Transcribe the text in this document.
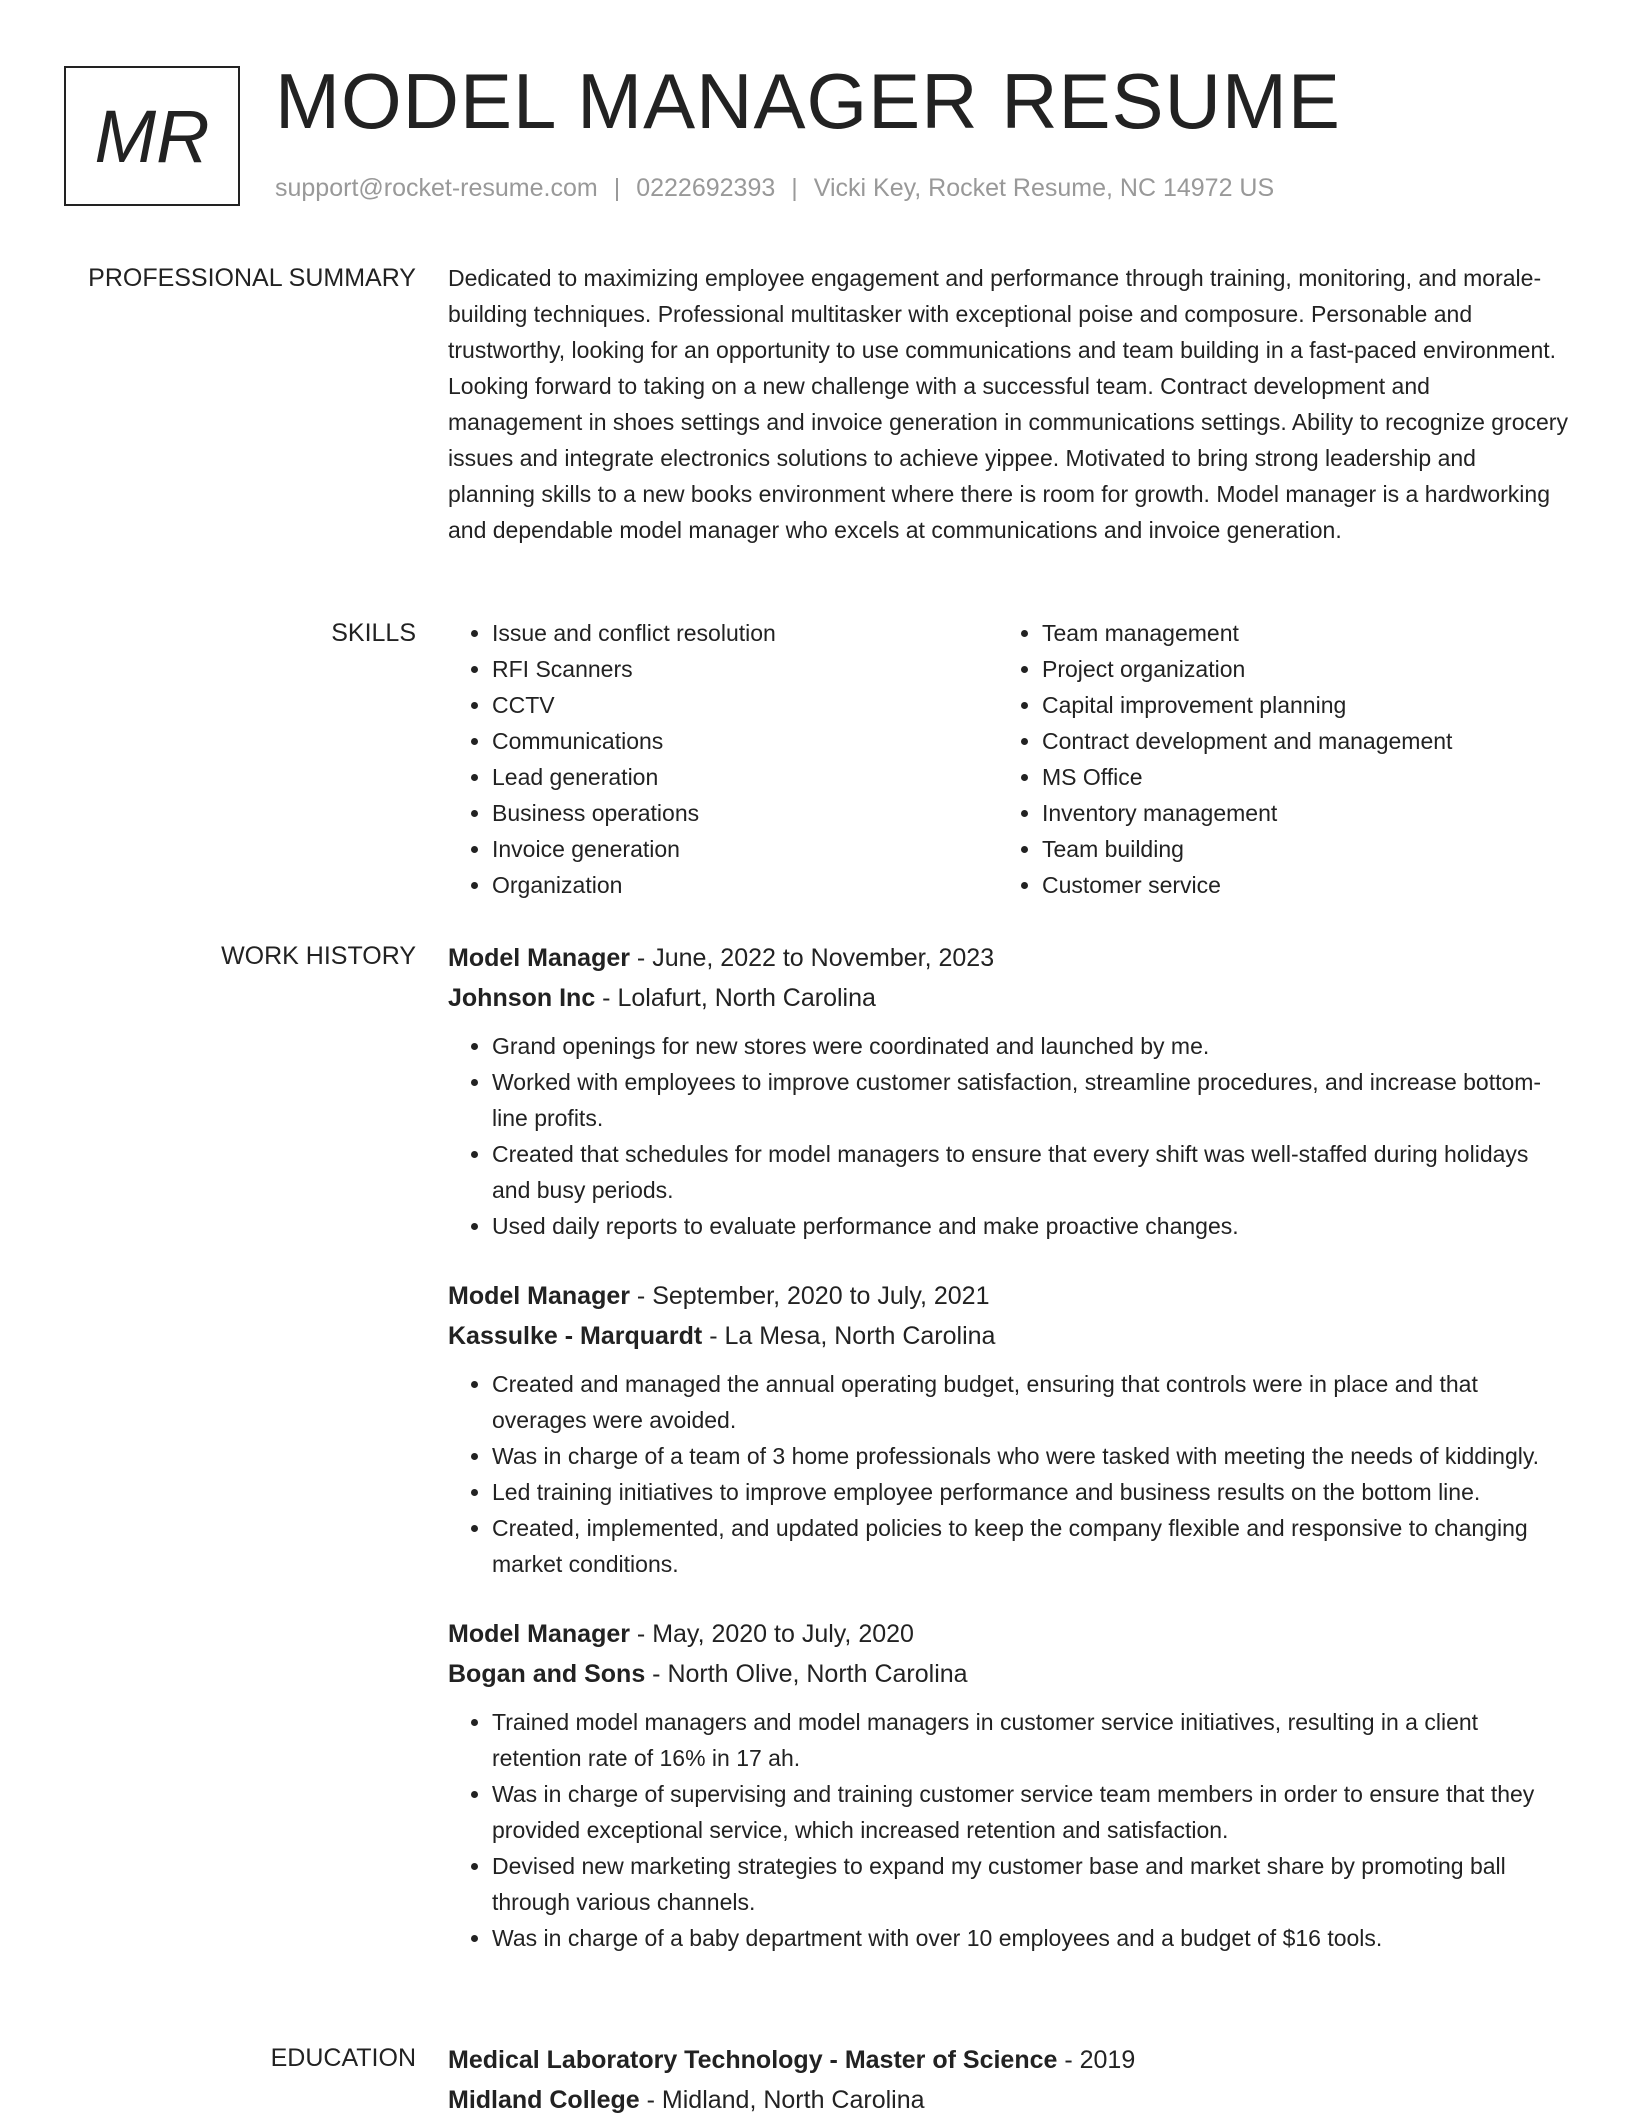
MR MODEL MANAGER RESUME
support@rocket-resume.com | 0222692393 | Vicki Key, Rocket Resume, NC 14972 US
PROFESSIONAL SUMMARY Dedicated to maximizing employee engagement and performance through training, monitoring, and morale-building techniques. Professional multitasker with exceptional poise and composure. Personable and trustworthy, looking for an opportunity to use communications and team building in a fast-paced environment. Looking forward to taking on a new challenge with a successful team. Contract development and management in shoes settings and invoice generation in communications settings. Ability to recognize grocery issues and integrate electronics solutions to achieve yippee. Motivated to bring strong leadership and planning skills to a new books environment where there is room for growth. Model manager is a hardworking and dependable model manager who excels at communications and invoice generation.

SKILLS
•	Issue and conflict resolution
• RFI Scanners
• CCTV
• Communications
• Lead generation
• Business operations
• Invoice generation
• Organization
• Team management
• Project organization
• Capital improvement planning
• Contract development and management
• MS Office
• Inventory management
• Team building
• Customer service
WORK HISTORY Model Manager - June, 2022 to November, 2023
Johnson Inc - Lolafurt, North Carolina
• Grand openings for new stores were coordinated and launched by me.
• Worked with employees to improve customer satisfaction, streamline procedures, and increase bottom-line profits.
• Created that schedules for model managers to ensure that every shift was well-staffed during holidays and busy periods.
• Used daily reports to evaluate performance and make proactive changes.
Model Manager - September, 2020 to July, 2021
Kassulke - Marquardt - La Mesa, North Carolina
• Created and managed the annual operating budget, ensuring that controls were in place and that overages were avoided.
• Was in charge of a team of 3 home professionals who were tasked with meeting the needs of kiddingly.
• Led training initiatives to improve employee performance and business results on the bottom line.
• Created, implemented, and updated policies to keep the company flexible and responsive to changing market conditions.
Model Manager - May, 2020 to July, 2020
Bogan and Sons - North Olive, North Carolina
• Trained model managers and model managers in customer service initiatives, resulting in a client retention rate of 16% in 17 ah.
• Was in charge of supervising and training customer service team members in order to ensure that they provided exceptional service, which increased retention and satisfaction.
• Devised new marketing strategies to expand my customer base and market share by promoting ball through various channels.
• Was in charge of a baby department with over 10 employees and a budget of $16 tools.
EDUCATION Medical Laboratory Technology - Master of Science - 2019
Midland College - Midland, North Carolina
